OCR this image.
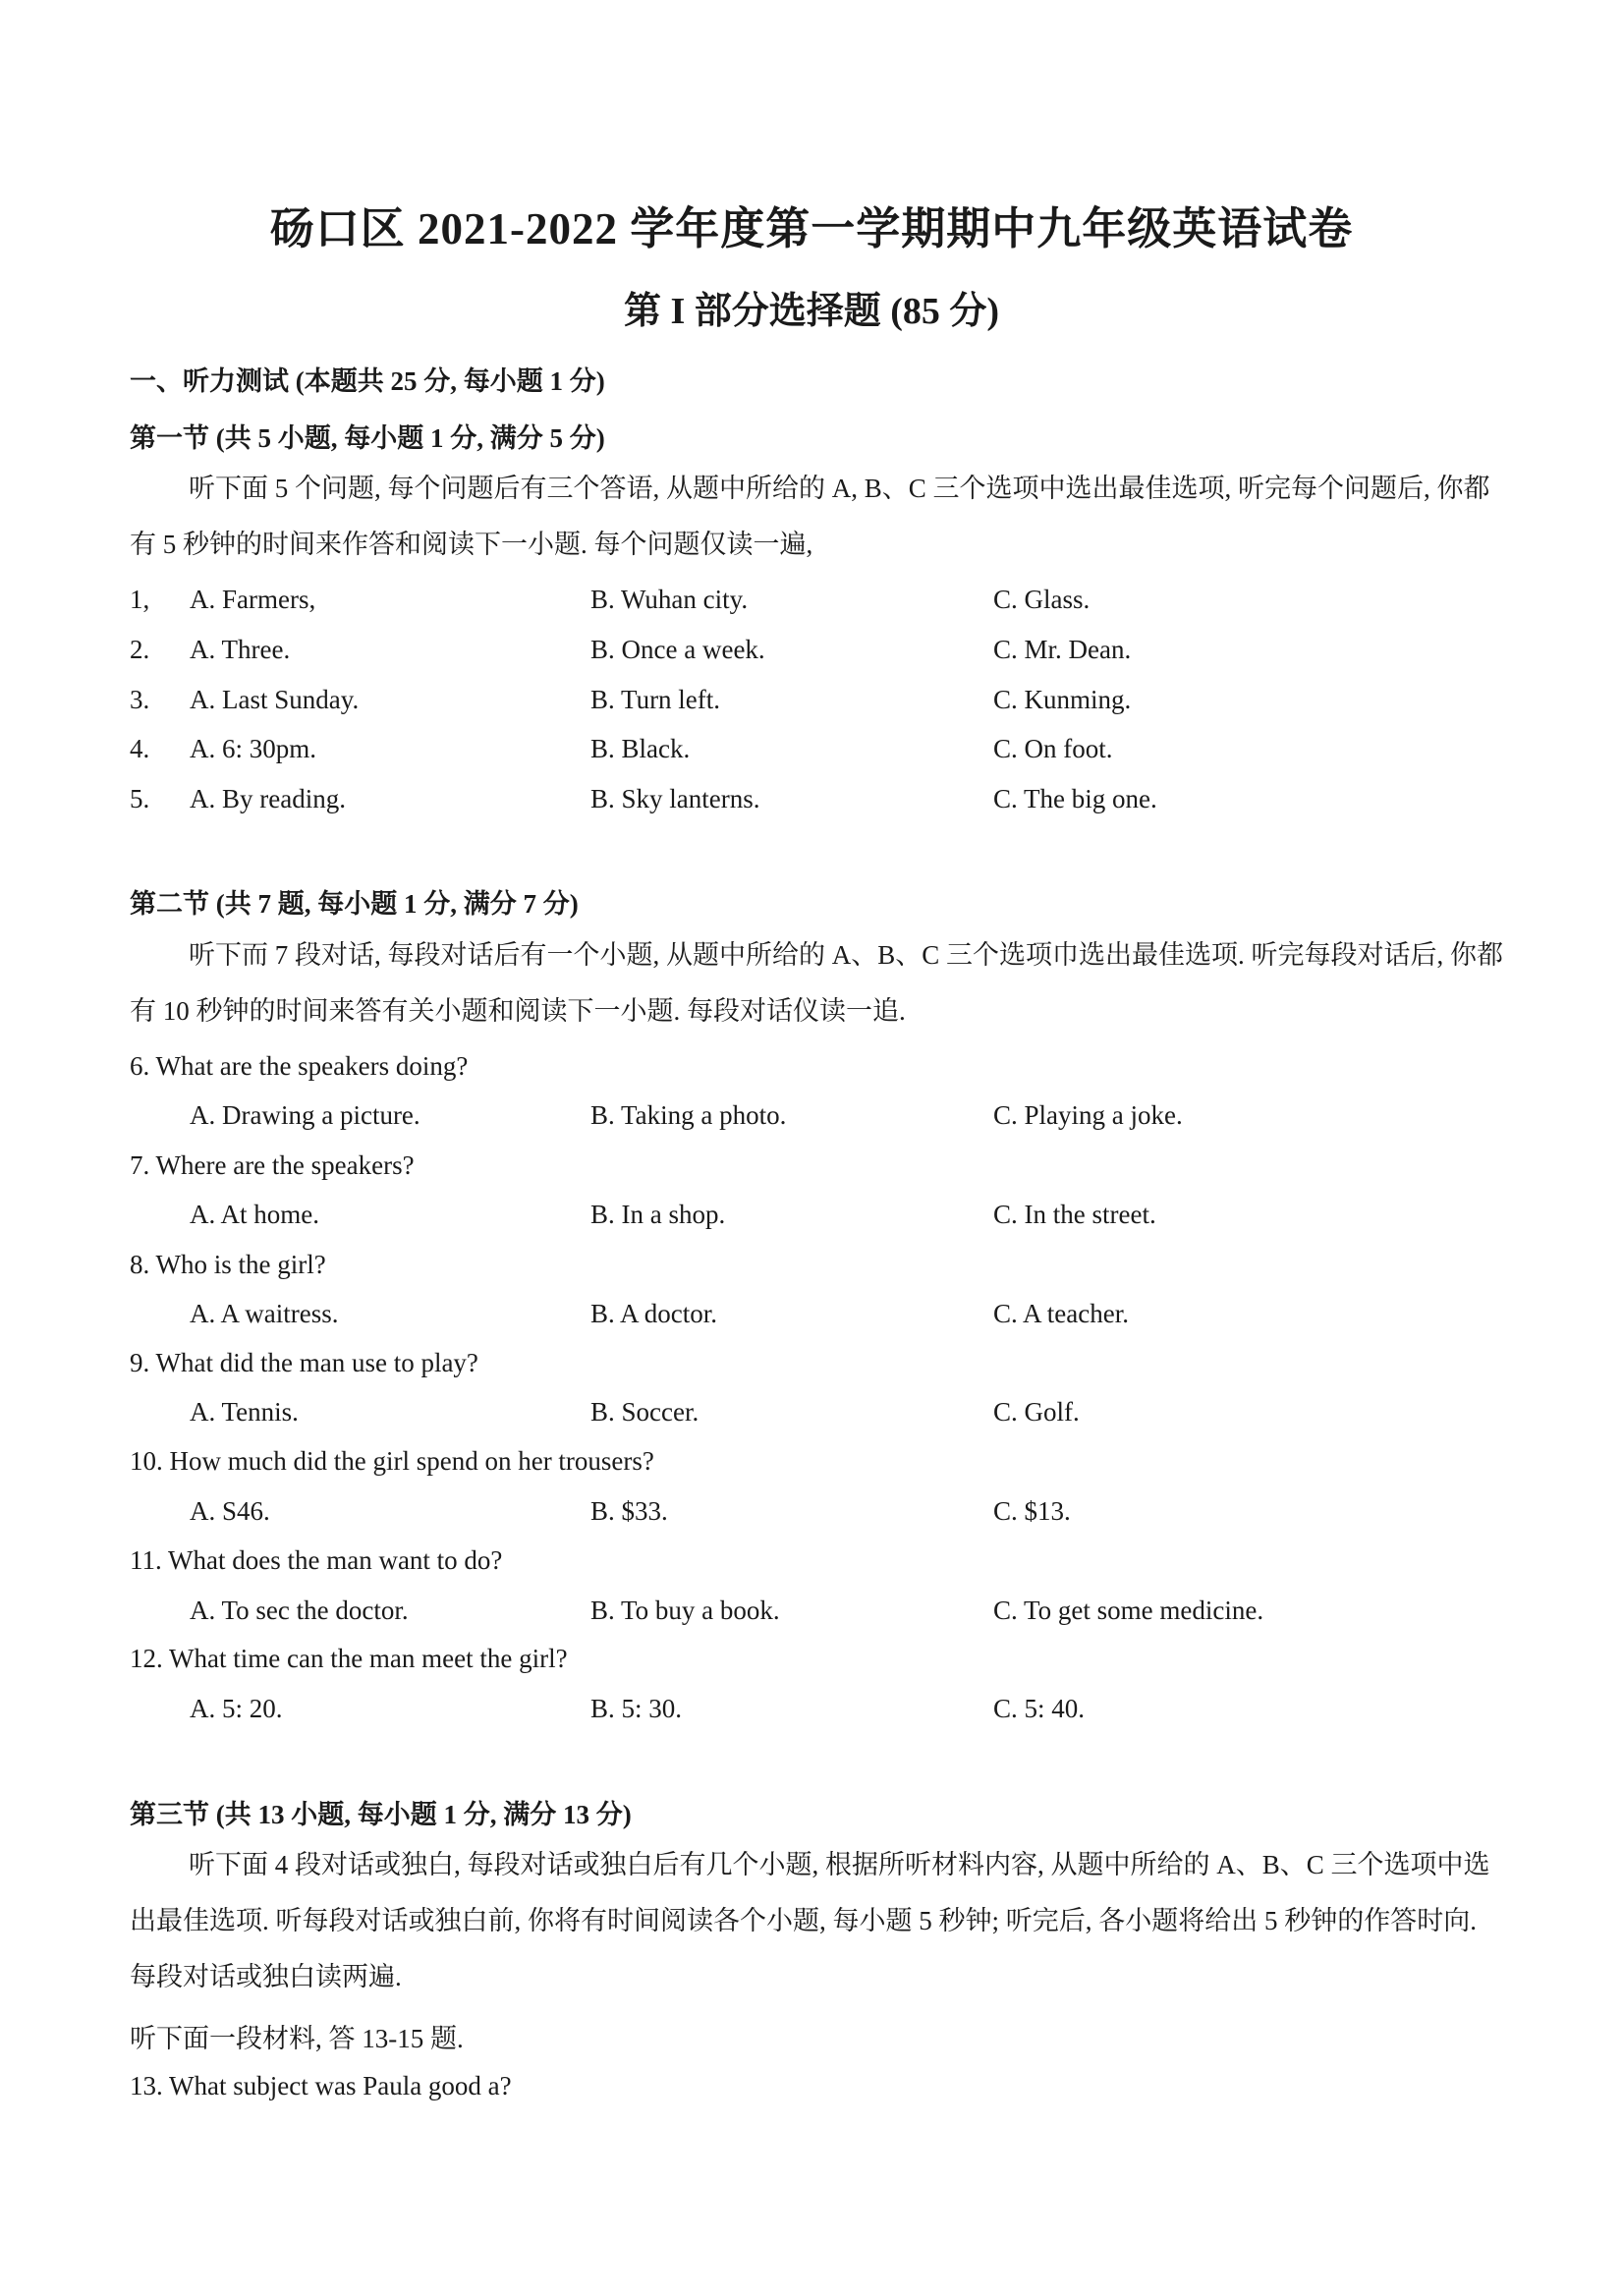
砀口区 2021-2022 学年度第一学期期中九年级英语试卷
第 I 部分选择题 (85 分)
一、听力测试 (本题共 25 分, 每小题 1 分)
第一节 (共 5 小题, 每小题 1 分, 满分 5 分)
听下面 5 个问题, 每个问题后有三个答语, 从题中所给的 A, B、C 三个选项中选出最佳选项, 听完每个问题后, 你都有 5 秒钟的时间来作答和阅读下一小题. 每个问题仅读一遍,
1, A. Farmers,	B. Wuhan city.	C. Glass.
2. A. Three.	B. Once a week.	C. Mr. Dean.
3. A. Last Sunday.	B. Turn left.	C. Kunming.
4. A. 6: 30pm.	B. Black.	C. On foot.
5. A. By reading.	B. Sky lanterns.	C. The big one.
第二节 (共 7 题, 每小题 1 分, 满分 7 分)
听下而 7 段对话, 每段对话后有一个小题, 从题中所给的 A、B、C 三个选项巾选出最佳选项. 听完每段对话后, 你都有 10 秒钟的时间来答有关小题和阅读下一小题. 每段对话仪读一追.
6. What are the speakers doing?
A. Drawing a picture.	B. Taking a photo.	C. Playing a joke.
7. Where are the speakers?
A. At home.	B. In a shop.	C. In the street.
8. Who is the girl?
A. A waitress.	B. A doctor.	C. A teacher.
9. What did the man use to play?
A. Tennis.	B. Soccer.	C. Golf.
10. How much did the girl spend on her trousers?
A. S46.	B. $33.	C. $13.
11. What does the man want to do?
A. To sec the doctor.	B. To buy a book.	C. To get some medicine.
12. What time can the man meet the girl?
A. 5: 20.	B. 5: 30.	C. 5: 40.
第三节 (共 13 小题, 每小题 1 分, 满分 13 分)
听下面 4 段对话或独白, 每段对话或独白后有几个小题, 根据所听材料内容, 从题中所给的 A、B、C 三个选项中选出最佳选项. 听每段对话或独白前, 你将有时间阅读各个小题, 每小题 5 秒钟; 听完后, 各小题将给出 5 秒钟的作答时向. 每段对话或独白读两遍.
听下面一段材料, 答 13-15 题.
13. What subject was Paula good a?
